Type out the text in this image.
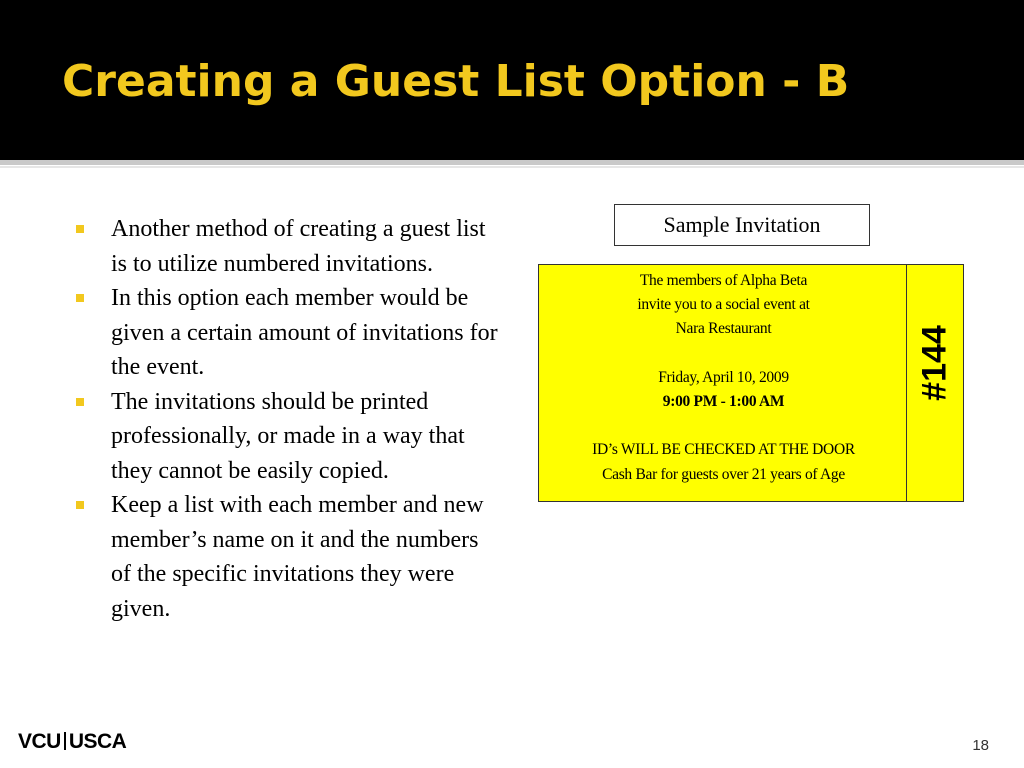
Creating a Guest List Option - B
Another method of creating a guest list is to utilize numbered invitations.
In this option each member would be given a certain amount of invitations for the event.
The invitations should be printed professionally, or made in a way that they cannot be easily copied.
Keep a list with each member and new member’s name on it and the numbers of the specific invitations they were given.
Sample Invitation
The members of Alpha Beta
invite you to a social event at
Nara Restaurant
Friday, April 10, 2009
9:00 PM - 1:00 AM
ID’s WILL BE CHECKED AT THE DOOR
Cash Bar for guests over 21 years of Age
#144
VCU USCA	18
